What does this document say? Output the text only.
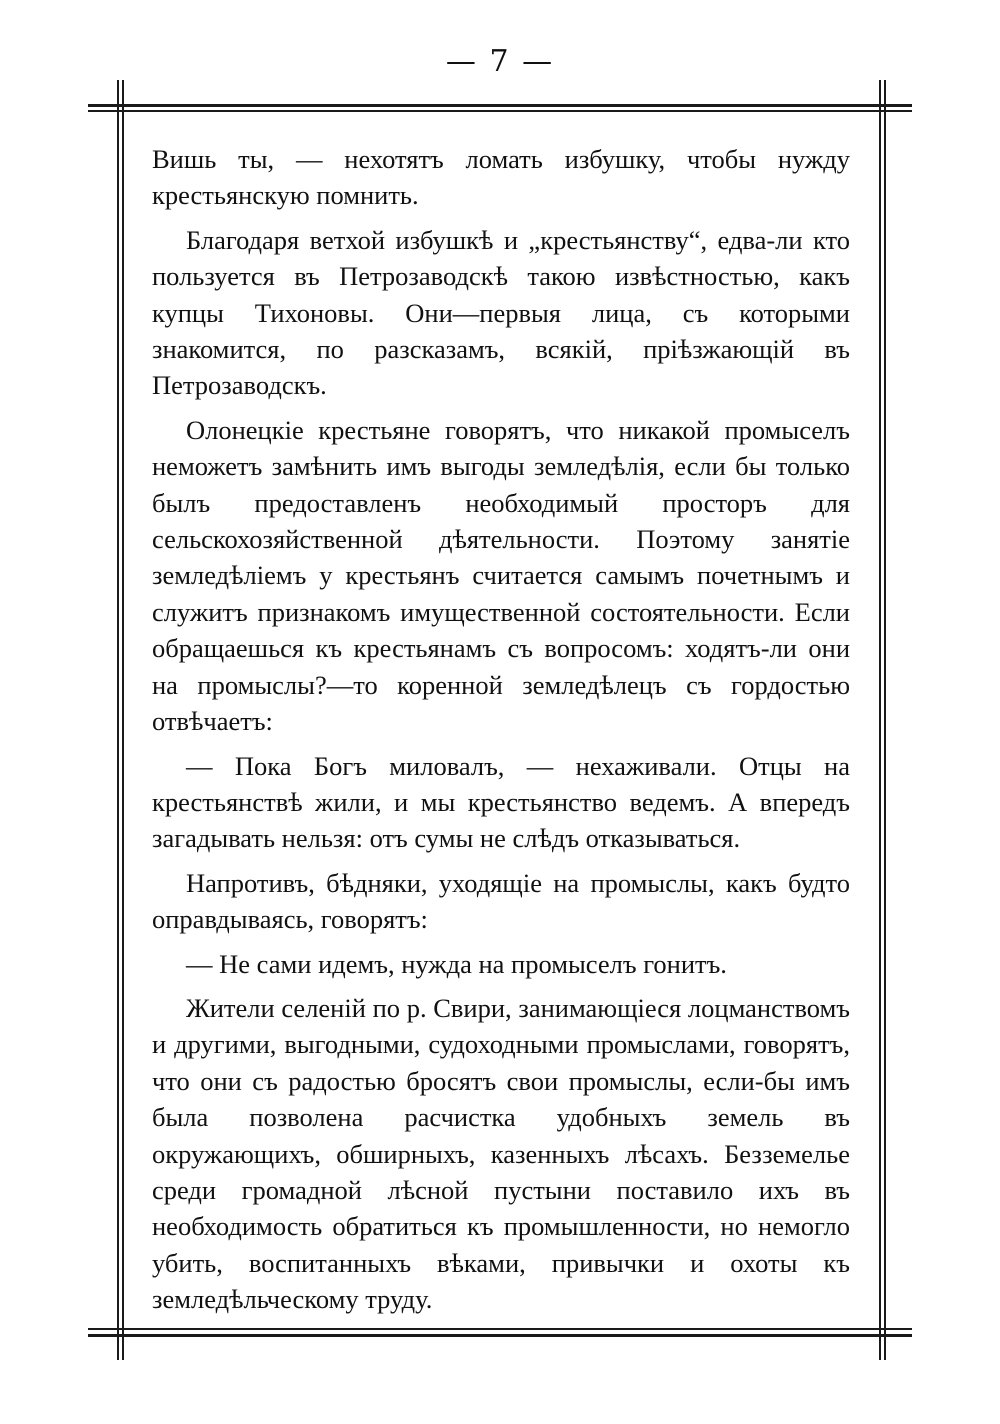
— 7 —

Вишь ты, — нехотятъ ломать избушку, чтобы нужду крестьянскую помнить.

Благодаря ветхой избушкѣ и „крестьянству“, едва-ли кто пользуется въ Петрозаводскѣ такою извѣстностью, какъ купцы Тихоновы. Они—первыя лица, съ которыми знакомится, по разсказамъ, всякій, пріѣзжающій въ Петрозаводскъ.

Олонецкіе крестьяне говорятъ, что никакой промыселъ неможетъ замѣнить имъ выгоды земледѣлія, если бы только былъ предоставленъ необходимый просторъ для сельскохозяйственной дѣятельности. Поэтому занятіе земледѣліемъ у крестьянъ считается самымъ почетнымъ и служитъ признакомъ имущественной состоятельности. Если обращаешься къ крестьянамъ съ вопросомъ: ходятъ-ли они на промыслы?—то коренной земледѣлецъ съ гордостью отвѣчаетъ:

— Пока Богъ миловалъ, — нехаживали. Отцы на крестьянствѣ жили, и мы крестьянство ведемъ. А впередъ загадывать нельзя: отъ сумы не слѣдъ отказываться.

Напротивъ, бѣдняки, уходящіе на промыслы, какъ будто оправдываясь, говорятъ:

— Не сами идемъ, нужда на промыселъ гонитъ.

Жители селеній по р. Свири, занимающіеся лоцманствомъ и другими, выгодными, судоходными промыслами, говорятъ, что они съ радостью бросятъ свои промыслы, если-бы имъ была позволена расчистка удобныхъ земель въ окружающихъ, обширныхъ, казенныхъ лѣсахъ. Безземелье среди громадной лѣсной пустыни поставило ихъ въ необходимость обратиться къ промышленности, но немогло убить, воспитанныхъ вѣками, привычки и охоты къ земледѣльческому труду.
